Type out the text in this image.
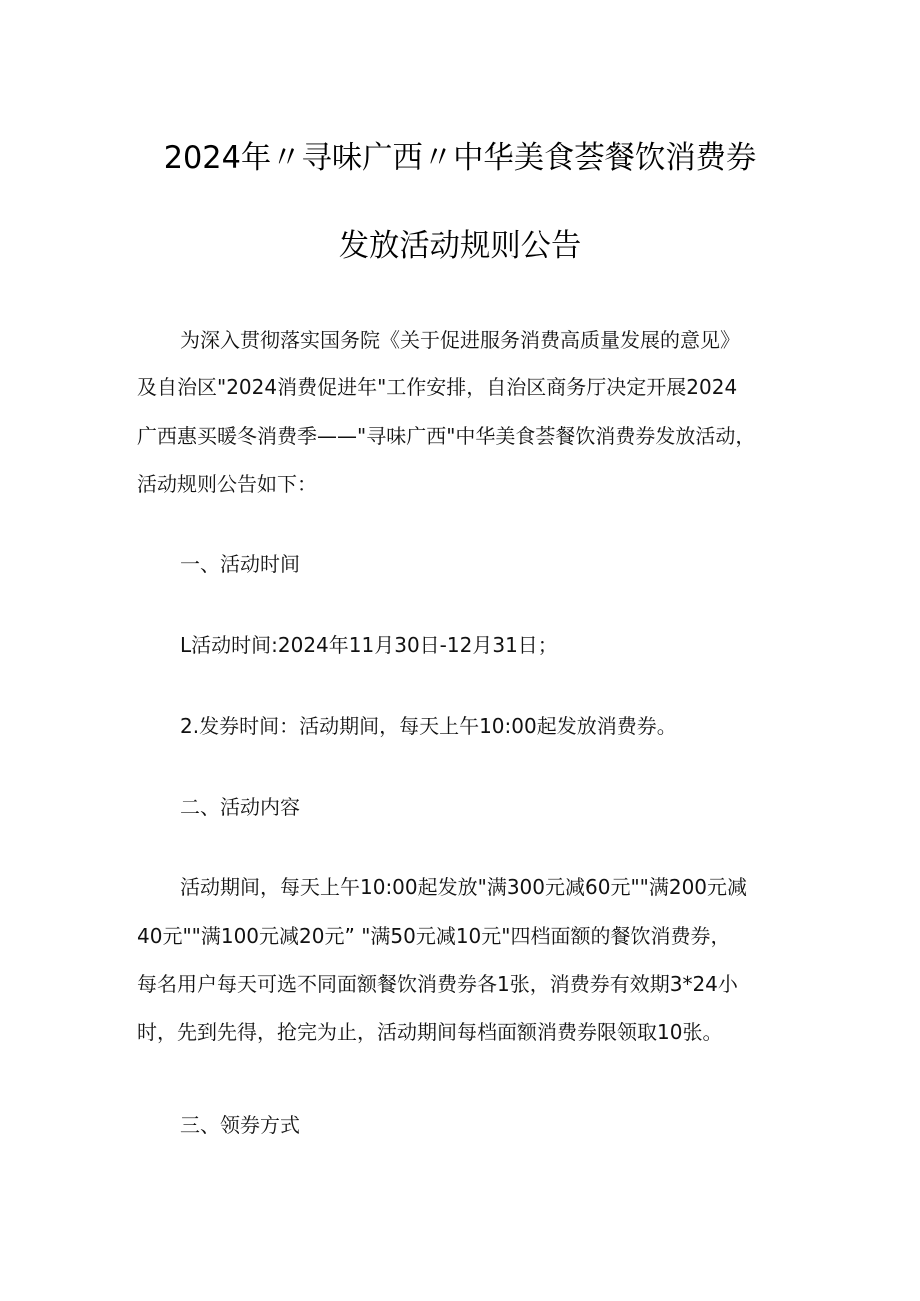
2024年〃寻味广西〃中华美食荟餐饮消费券
发放活动规则公告
为深入贯彻落实国务院《关于促进服务消费高质量发展的意见》
及自治区"2024消费促进年"工作安排，自治区商务厅决定开展2024
广西惠买暖冬消费季——"寻味广西"中华美食荟餐饮消费券发放活动，
活动规则公告如下：
一、活动时间
L活动时间:2024年11月30日-12月31日；
2.发券时间：活动期间，每天上午10:00起发放消费券。
二、活动内容
活动期间，每天上午10:00起发放"满300元减60元""满200元减
40元""满100元减20元” "满50元减10元"四档面额的餐饮消费券，
每名用户每天可选不同面额餐饮消费券各1张，消费券有效期3*24小
时，先到先得，抢完为止，活动期间每档面额消费券限领取10张。
三、领券方式
